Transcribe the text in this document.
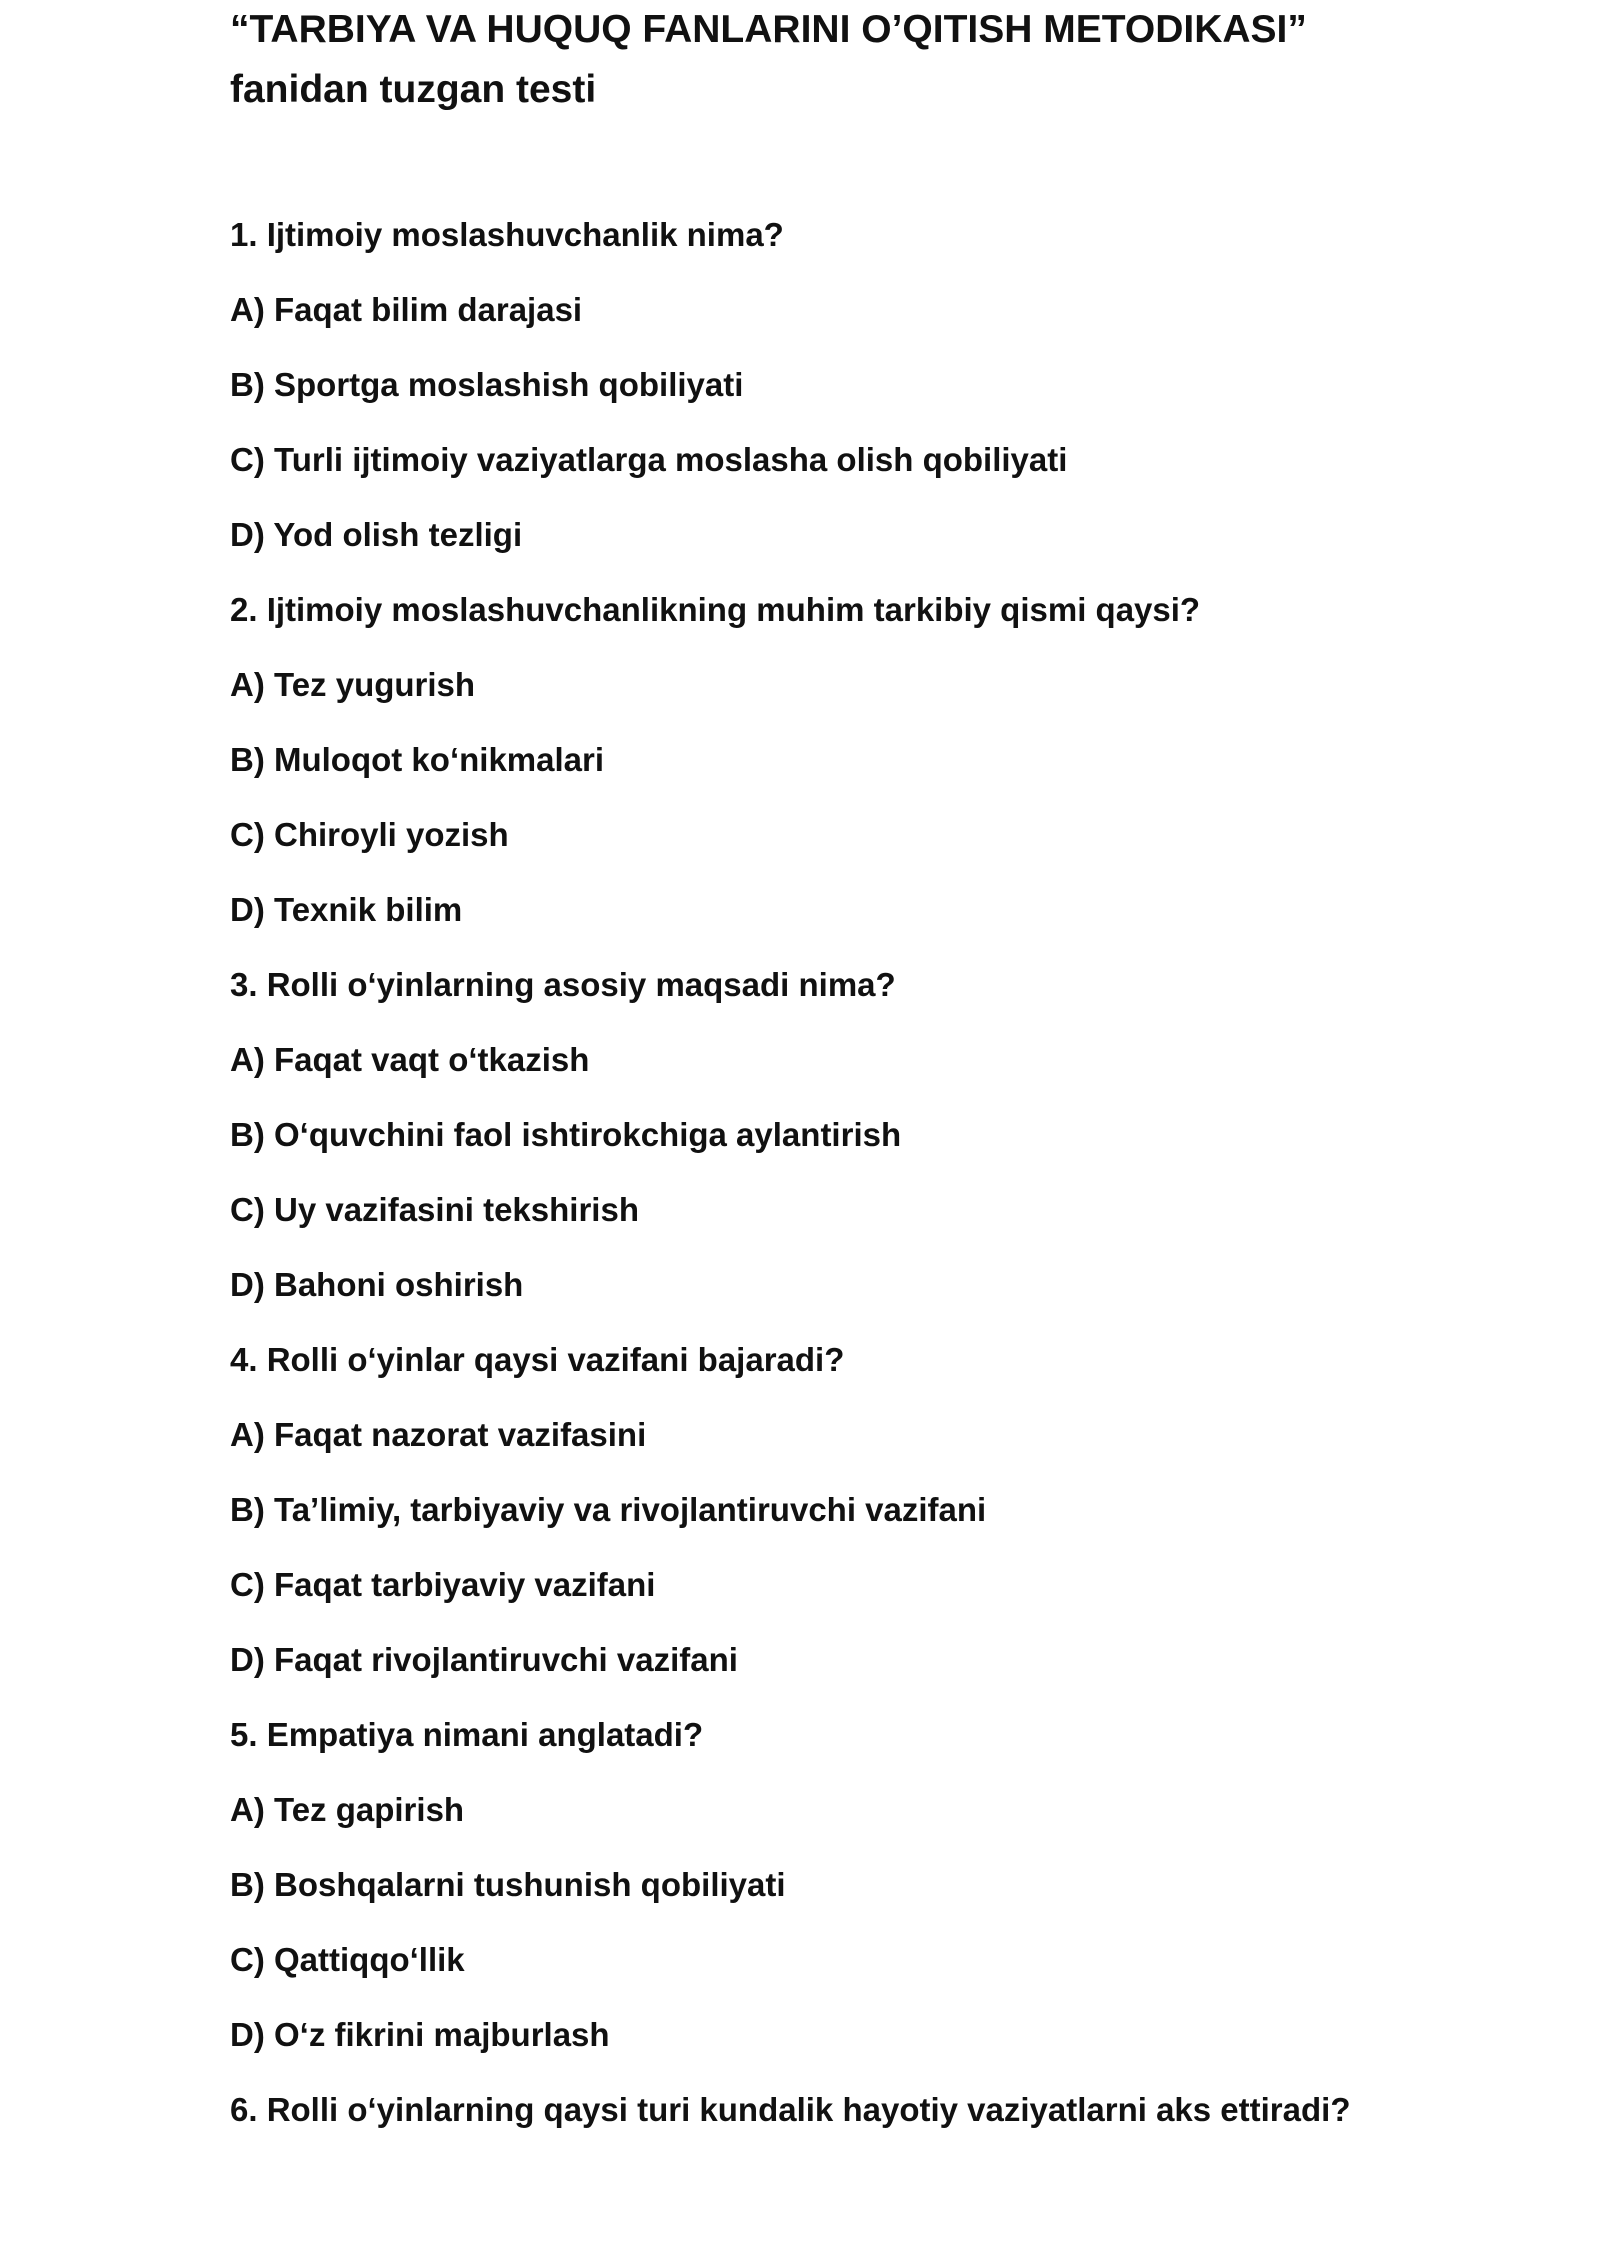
“TARBIYA VA HUQUQ FANLARINI O’QITISH METODIKASI” fanidan tuzgan testi
1. Ijtimoiy moslashuvchanlik nima?
A) Faqat bilim darajasi
B) Sportga moslashish qobiliyati
C) Turli ijtimoiy vaziyatlarga moslasha olish qobiliyati
D) Yod olish tezligi
2. Ijtimoiy moslashuvchanlikning muhim tarkibiy qismi qaysi?
A) Tez yugurish
B) Muloqot ko‘nikmalari
C) Chiroyli yozish
D) Texnik bilim
3. Rolli o‘yinlarning asosiy maqsadi nima?
A) Faqat vaqt o‘tkazish
B) O‘quvchini faol ishtirokchiga aylantirish
C) Uy vazifasini tekshirish
D) Bahoni oshirish
4. Rolli o‘yinlar qaysi vazifani bajaradi?
A) Faqat nazorat vazifasini
B) Ta’limiy, tarbiyaviy va rivojlantiruvchi vazifani
C) Faqat tarbiyaviy vazifani
D) Faqat rivojlantiruvchi vazifani
5. Empatiya nimani anglatadi?
A) Tez gapirish
B) Boshqalarni tushunish qobiliyati
C) Qattiqqo‘llik
D) O‘z fikrini majburlash
6. Rolli o‘yinlarning qaysi turi kundalik hayotiy vaziyatlarni aks ettiradi?
